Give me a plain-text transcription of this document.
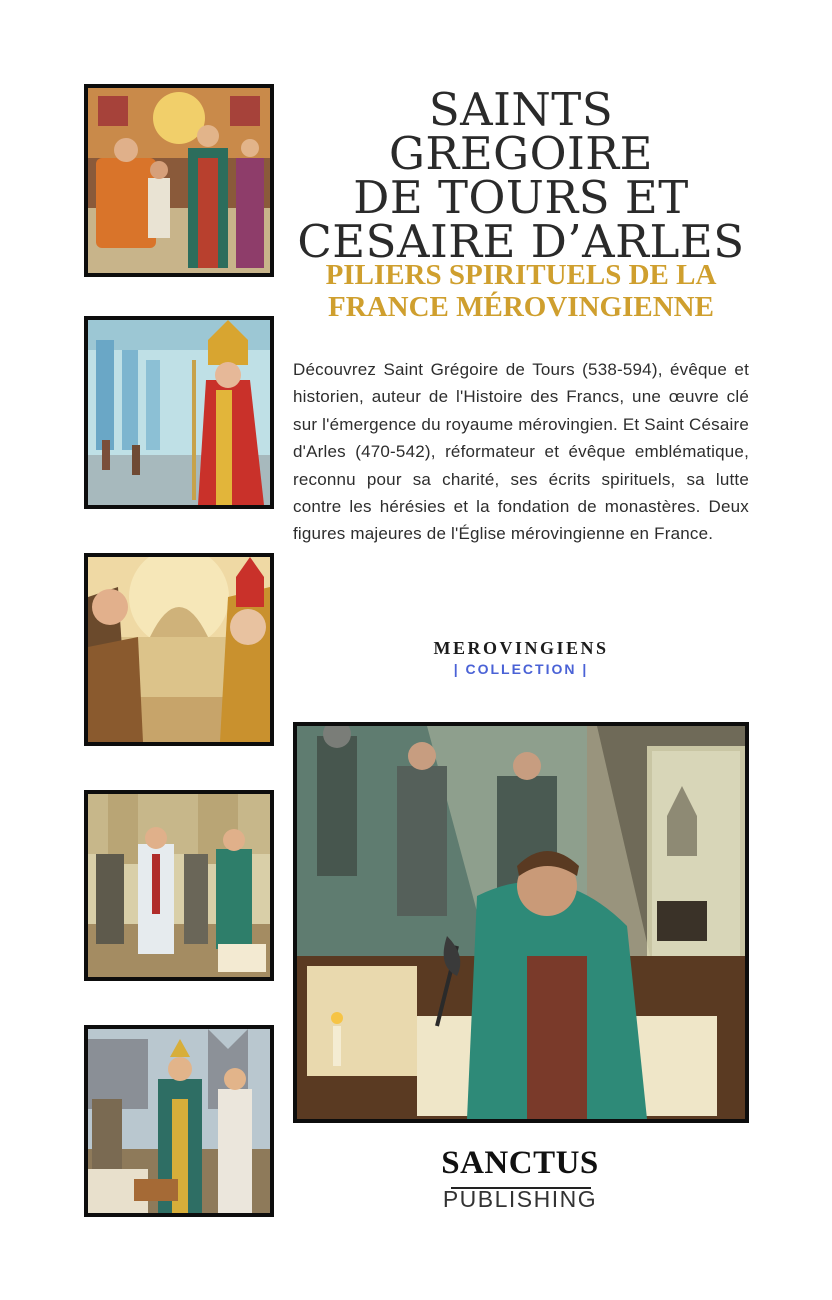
SAINTS GREGOIRE
DE TOURS ET
CESAIRE D’ARLES
PILIERS SPIRITUELS DE LA
FRANCE MÉROVINGIENNE

Découvrez Saint Grégoire de Tours (538-594), évêque et historien, auteur de l'Histoire des Francs, une œuvre clé sur l'émergence du royaume mérovingien. Et Saint Césaire d'Arles (470-542), réformateur et évêque emblématique, reconnu pour sa charité, ses écrits spirituels, sa lutte contre les hérésies et la fondation de monastères. Deux figures majeures de l'Église mérovingienne en France.

MEROVINGIENS
| COLLECTION |
SANCTUS
PUBLISHING
